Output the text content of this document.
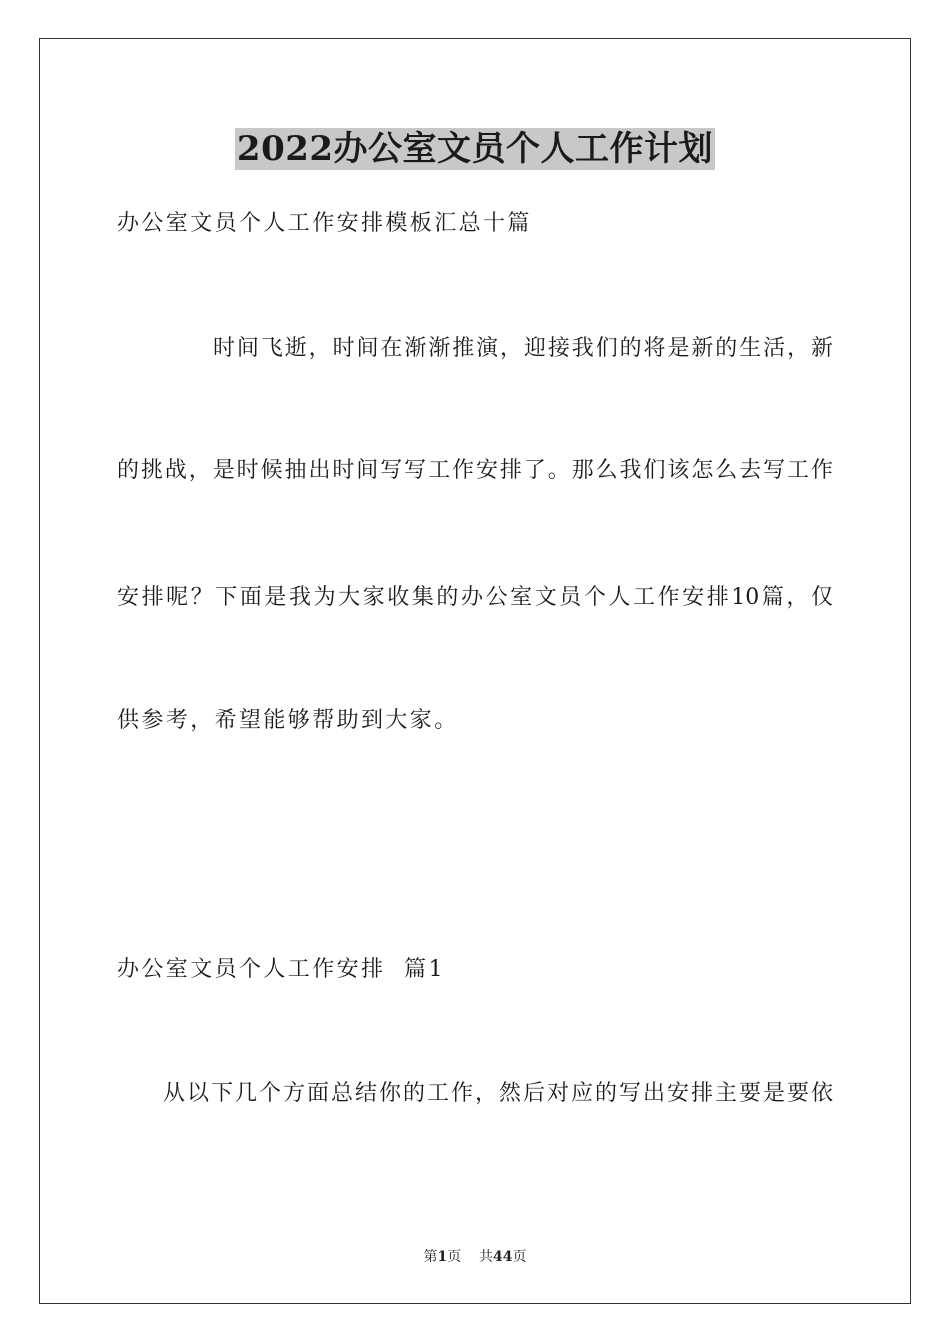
2022办公室文员个人工作计划
办公室文员个人工作安排模板汇总十篇
时间飞逝，时间在渐渐推演，迎接我们的将是新的生活，新
的挑战，是时候抽出时间写写工作安排了。那么我们该怎么去写工作
安排呢？下面是我为大家收集的办公室文员个人工作安排10篇，仅
供参考，希望能够帮助到大家。
办公室文员个人工作安排  篇1
从以下几个方面总结你的工作，然后对应的写出安排主要是要依
第1页 共44页
